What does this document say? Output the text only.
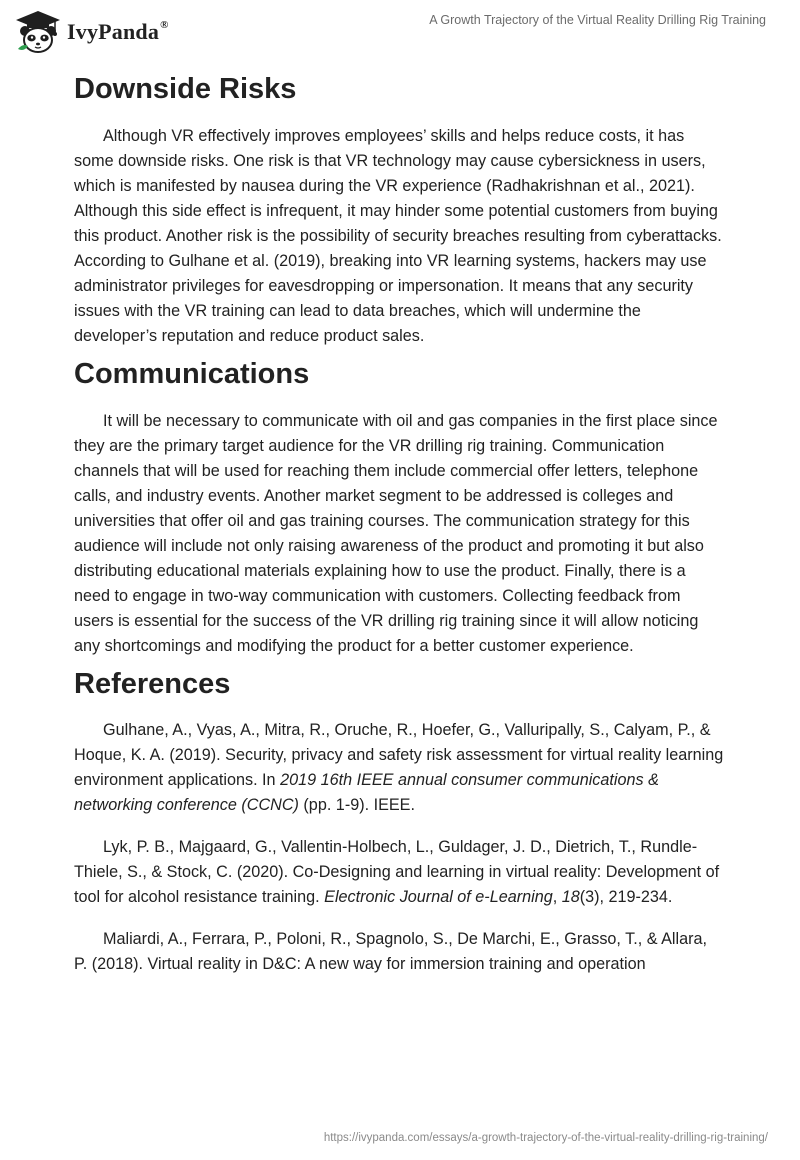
IvyPanda®	A Growth Trajectory of the Virtual Reality Drilling Rig Training
Downside Risks

Although VR effectively improves employees’ skills and helps reduce costs, it has some downside risks. One risk is that VR technology may cause cybersickness in users, which is manifested by nausea during the VR experience (Radhakrishnan et al., 2021). Although this side effect is infrequent, it may hinder some potential customers from buying this product. Another risk is the possibility of security breaches resulting from cyberattacks. According to Gulhane et al. (2019), breaking into VR learning systems, hackers may use administrator privileges for eavesdropping or impersonation. It means that any security issues with the VR training can lead to data breaches, which will undermine the developer’s reputation and reduce product sales.

Communications

It will be necessary to communicate with oil and gas companies in the first place since they are the primary target audience for the VR drilling rig training. Communication channels that will be used for reaching them include commercial offer letters, telephone calls, and industry events. Another market segment to be addressed is colleges and universities that offer oil and gas training courses. The communication strategy for this audience will include not only raising awareness of the product and promoting it but also distributing educational materials explaining how to use the product. Finally, there is a need to engage in two-way communication with customers. Collecting feedback from users is essential for the success of the VR drilling rig training since it will allow noticing any shortcomings and modifying the product for a better customer experience.

References

Gulhane, A., Vyas, A., Mitra, R., Oruche, R., Hoefer, G., Valluripally, S., Calyam, P., & Hoque, K. A. (2019). Security, privacy and safety risk assessment for virtual reality learning environment applications. In 2019 16th IEEE annual consumer communications & networking conference (CCNC) (pp. 1-9). IEEE.

Lyk, P. B., Majgaard, G., Vallentin-Holbech, L., Guldager, J. D., Dietrich, T., Rundle-Thiele, S., & Stock, C. (2020). Co-Designing and learning in virtual reality: Development of tool for alcohol resistance training. Electronic Journal of e-Learning, 18(3), 219-234.

Maliardi, A., Ferrara, P., Poloni, R., Spagnolo, S., De Marchi, E., Grasso, T., & Allara, P. (2018). Virtual reality in D&C: A new way for immersion training and operation

https://ivypanda.com/essays/a-growth-trajectory-of-the-virtual-reality-drilling-rig-training/
